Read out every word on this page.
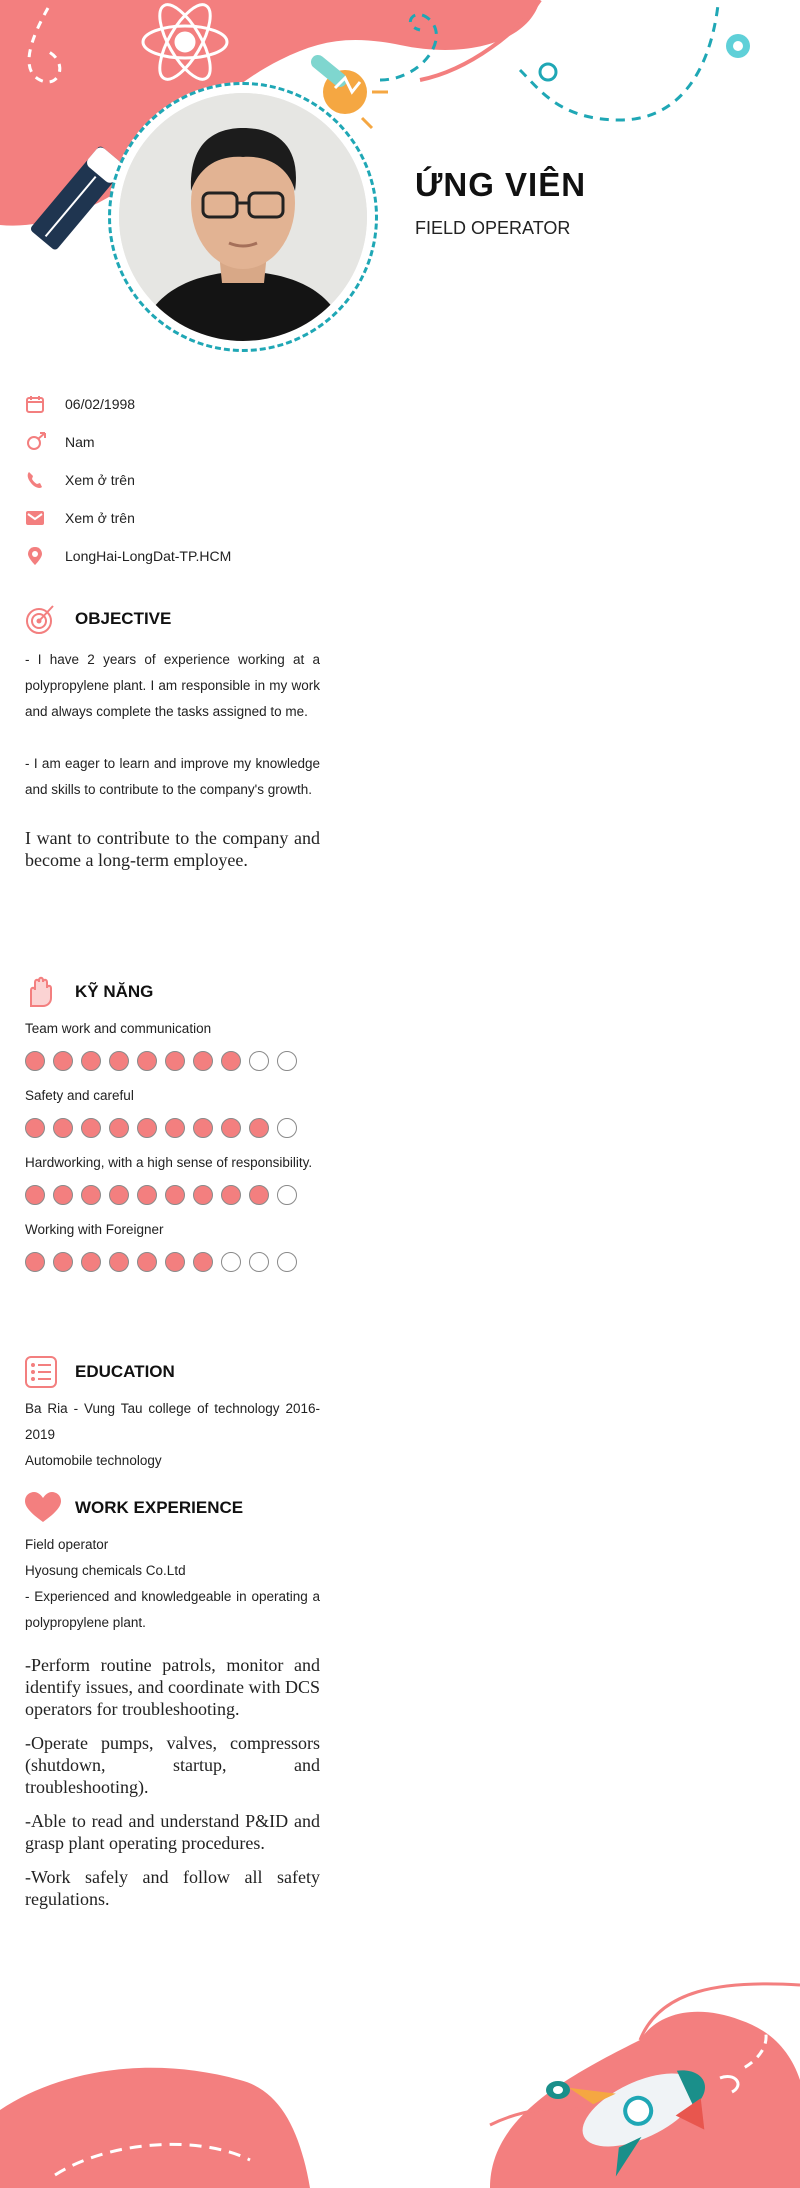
ỨNG VIÊN

FIELD OPERATOR

06/02/1998
Nam
Xem ở trên
Xem ở trên
LongHai-LongDat-TP.HCM
OBJECTIVE

- I have 2 years of experience working at a polypropylene plant. I am responsible in my work and always complete the tasks assigned to me.

- I am eager to learn and improve my knowledge and skills to contribute to the company's growth.

I want to contribute to the company and become a long-term employee.

KỸ NĂNG

Team work and communication

Safety and careful

Hardworking, with a high sense of responsibility.

Working with Foreigner

EDUCATION

Ba Ria - Vung Tau college of technology 2016-2019

Automobile technology

WORK EXPERIENCE

Field operator

Hyosung chemicals Co.Ltd

- Experienced and knowledgeable in operating a polypropylene plant.

-Perform routine patrols, monitor and identify issues, and coordinate with DCS operators for troubleshooting.

-Operate pumps, valves, compressors (shutdown, startup, and troubleshooting).

-Able to read and understand P&ID and grasp plant operating procedures.

-Work safely and follow all safety regulations.
